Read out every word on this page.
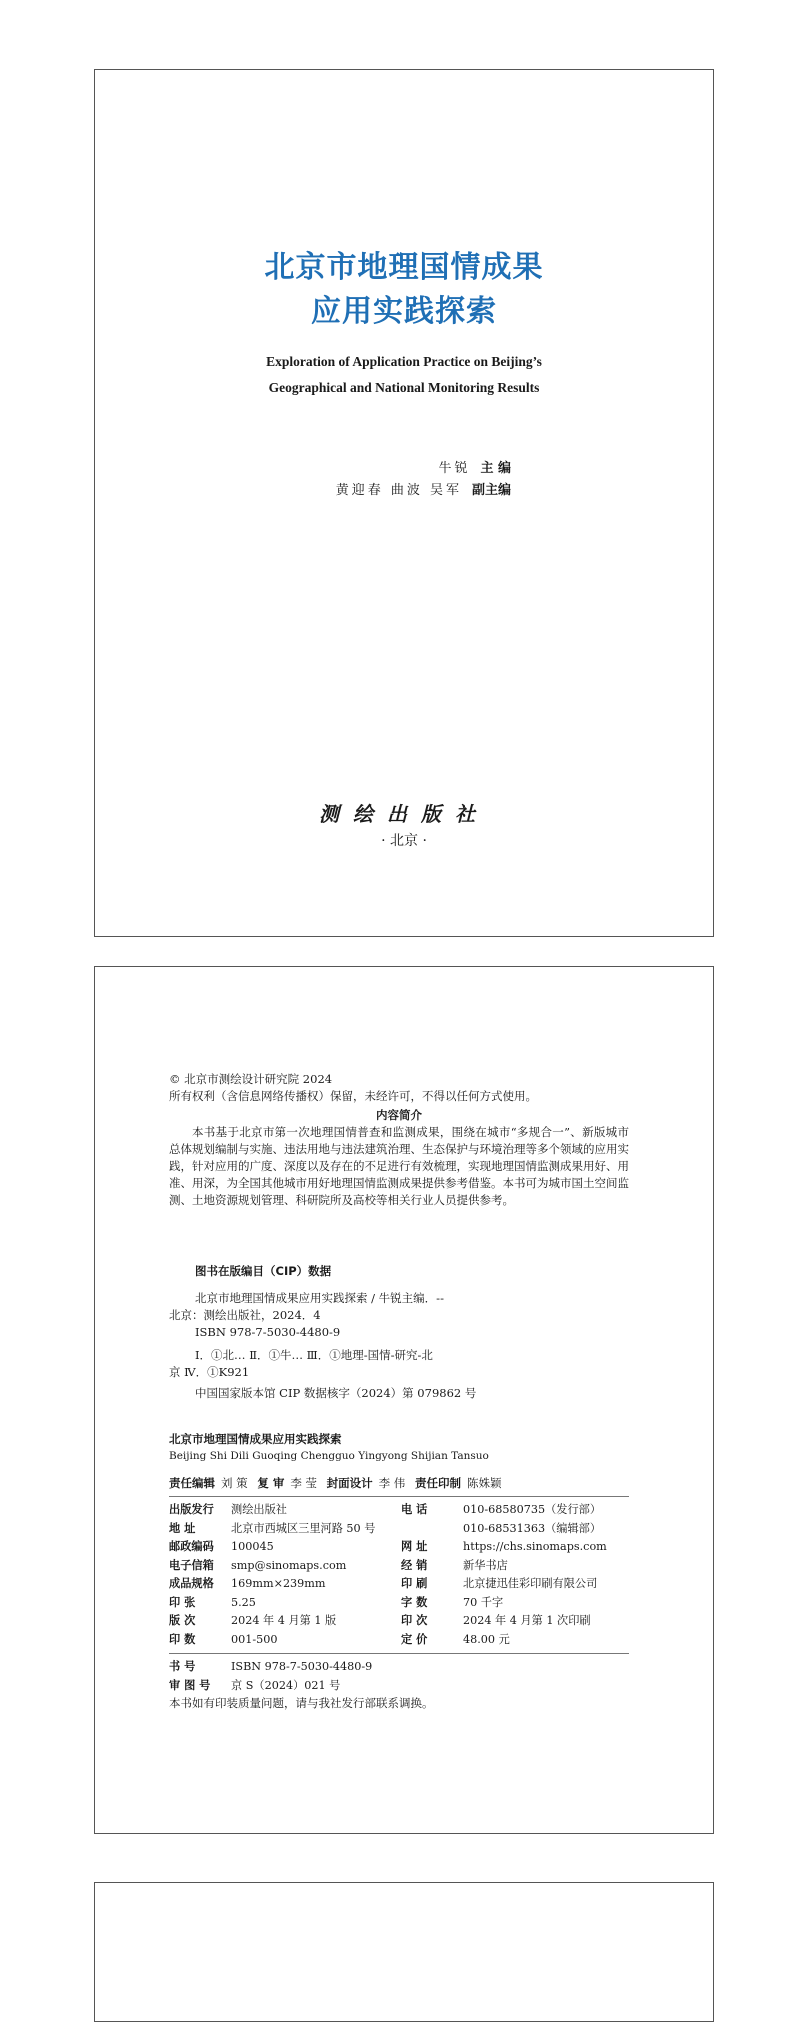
北京市地理国情成果
应用实践探索
Exploration of Application Practice on Beijing’s
Geographical and National Monitoring Results
牛锐 主 编
黄迎春 曲波 吴军 副主编
测绘出版社
· 北京 ·
© 北京市测绘设计研究院 2024
所有权利（含信息网络传播权）保留，未经许可，不得以任何方式使用。
内容简介
本书基于北京市第一次地理国情普查和监测成果，围绕在城市“多规合一”、新版城市总体规划编制与实施、违法用地与违法建筑治理、生态保护与环境治理等多个领域的应用实践，针对应用的广度、深度以及存在的不足进行有效梳理，实现地理国情监测成果用好、用准、用深，为全国其他城市用好地理国情监测成果提供参考借鉴。本书可为城市国土空间监测、土地资源规划管理、科研院所及高校等相关行业人员提供参考。
图书在版编目（CIP）数据
北京市地理国情成果应用实践探索 / 牛锐主编．--
北京：测绘出版社，2024．4
ISBN 978-7-5030-4480-9
Ⅰ．①北… Ⅱ．①牛… Ⅲ．①地理-国情-研究-北
京 Ⅳ．①K921
中国国家版本馆 CIP 数据核字（2024）第 079862 号
北京市地理国情成果应用实践探索
Beijing Shi Dili Guoqing Chengguo Yingyong Shijian Tansuo
责任编辑 刘 策 复 审 李 莹 封面设计 李 伟 责任印制 陈姝颖
出版发行	测绘出版社	电 话	010-68580735（发行部）
地 址	北京市西城区三里河路 50 号		010-68531363（编辑部）
邮政编码	100045	网 址	https://chs.sinomaps.com
电子信箱	smp@sinomaps.com	经 销	新华书店
成品规格	169mm×239mm	印 刷	北京捷迅佳彩印刷有限公司
印 张	5.25	字 数	70 千字
版 次	2024 年 4 月第 1 版	印 次	2024 年 4 月第 1 次印刷
印 数	001-500	定 价	48.00 元
书 号	ISBN 978-7-5030-4480-9
审 图 号	京 S（2024）021 号
本书如有印装质量问题，请与我社发行部联系调换。
